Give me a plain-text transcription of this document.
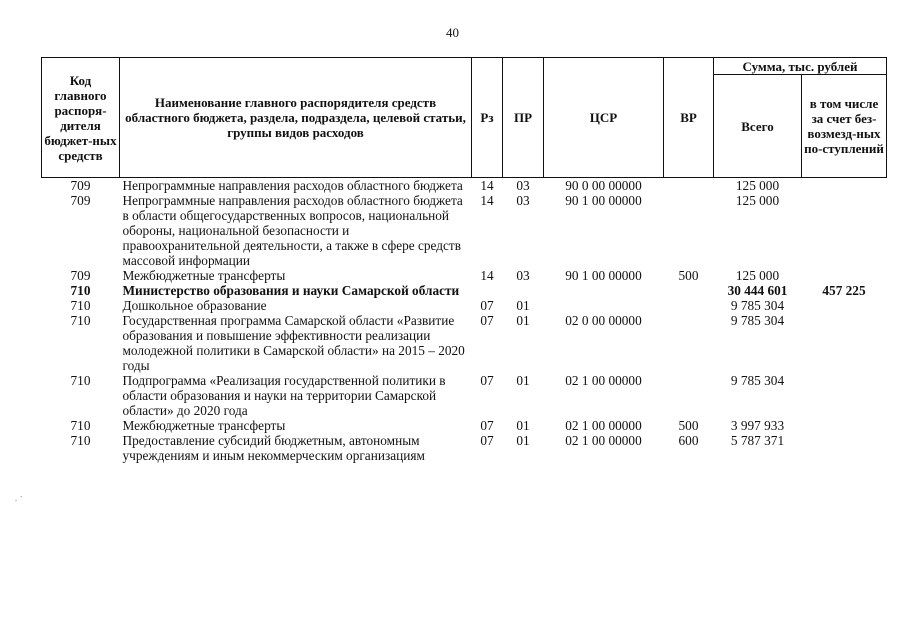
40
· ·
Код главного распоря-дителя бюджет-ных средств	Наименование главного распорядителя средств областного бюджета, раздела, подраздела, целевой статьи, группы видов расходов	Рз	ПР	ЦСР	ВР	Сумма, тыс. рублей	
						Всего	в том числе за счет без-возмезд-ных по-ступлений
709	Непрограммные направления расходов областного бюджета	14	03	90 0 00 00000		125 000	
709	Непрограммные направления расходов областного бюджета в области общегосударственных вопросов, национальной обороны, национальной безопасности и правоохранительной деятельности, а также в сфере средств массовой информации	14	03	90 1 00 00000		125 000	
709	Межбюджетные трансферты	14	03	90 1 00 00000	500	125 000	
710	Министерство образования и науки Самарской области					30 444 601	457 225
710	Дошкольное образование	07	01			9 785 304	
710	Государственная программа Самарской области «Развитие образования и повышение эффективности реализации молодежной политики в Самарской области» на 2015 – 2020 годы	07	01	02 0 00 00000		9 785 304	
710	Подпрограмма «Реализация государственной политики в области образования и науки на территории Самарской области» до 2020 года	07	01	02 1 00 00000		9 785 304	
710	Межбюджетные трансферты	07	01	02 1 00 00000	500	3 997 933	
710	Предоставление субсидий бюджетным, автономным учреждениям и иным некоммерческим организациям	07	01	02 1 00 00000	600	5 787 371	
